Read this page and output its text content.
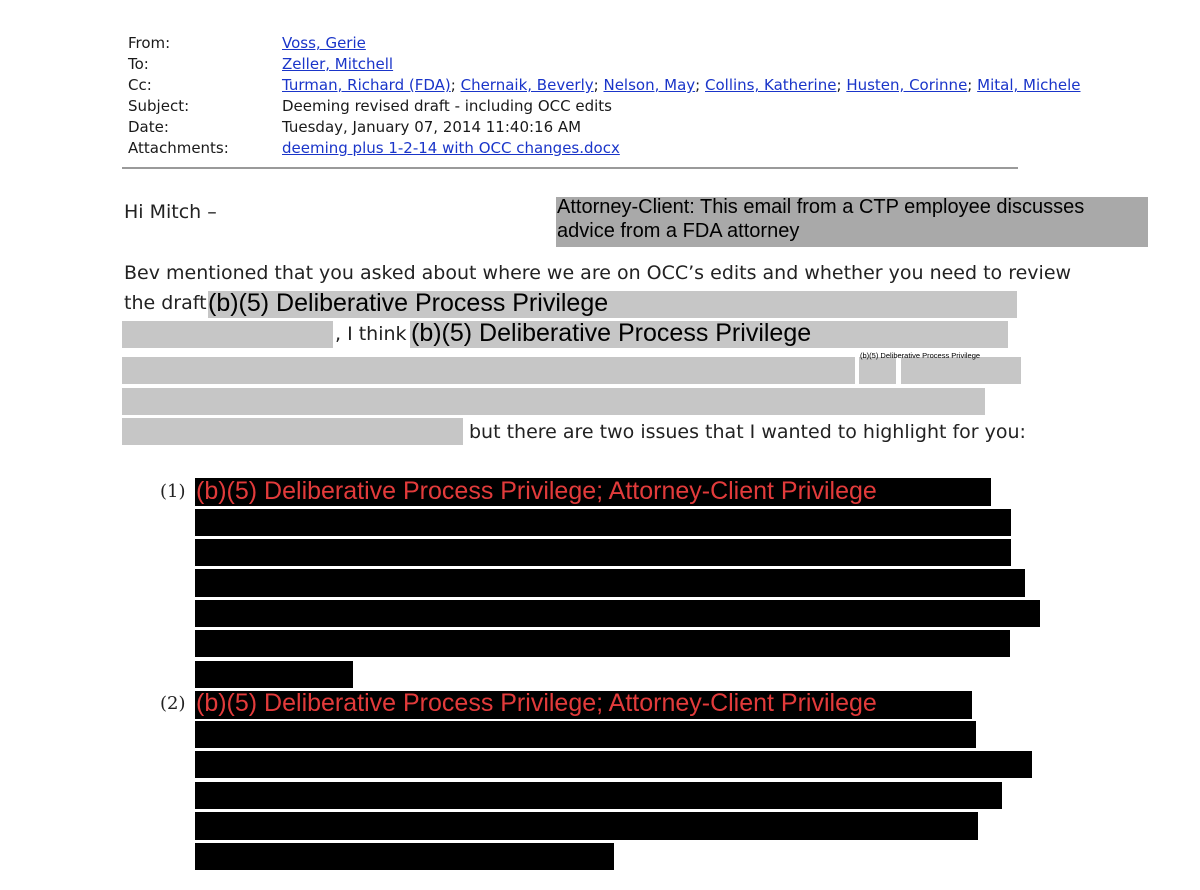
From:	Voss, Gerie
To:	Zeller, Mitchell
Cc:	Turman, Richard (FDA); Chernaik, Beverly; Nelson, May; Collins, Katherine; Husten, Corinne; Mital, Michele
Subject:	Deeming revised draft - including OCC edits
Date:	Tuesday, January 07, 2014 11:40:16 AM
Attachments:	deeming plus 1-2-14 with OCC changes.docx
Hi Mitch –	Attorney-Client: This email from a CTP employee discusses advice from a FDA attorney
Bev mentioned that you asked about where we are on OCC’s edits and whether you need to review
the draft (b)(5) Deliberative Process Privilege
, I think (b)(5) Deliberative Process Privilege
(b)(5) Deliberative Process Privilege
but there are two issues that I wanted to highlight for you:
(1) (b)(5) Deliberative Process Privilege; Attorney-Client Privilege
(2) (b)(5) Deliberative Process Privilege; Attorney-Client Privilege
